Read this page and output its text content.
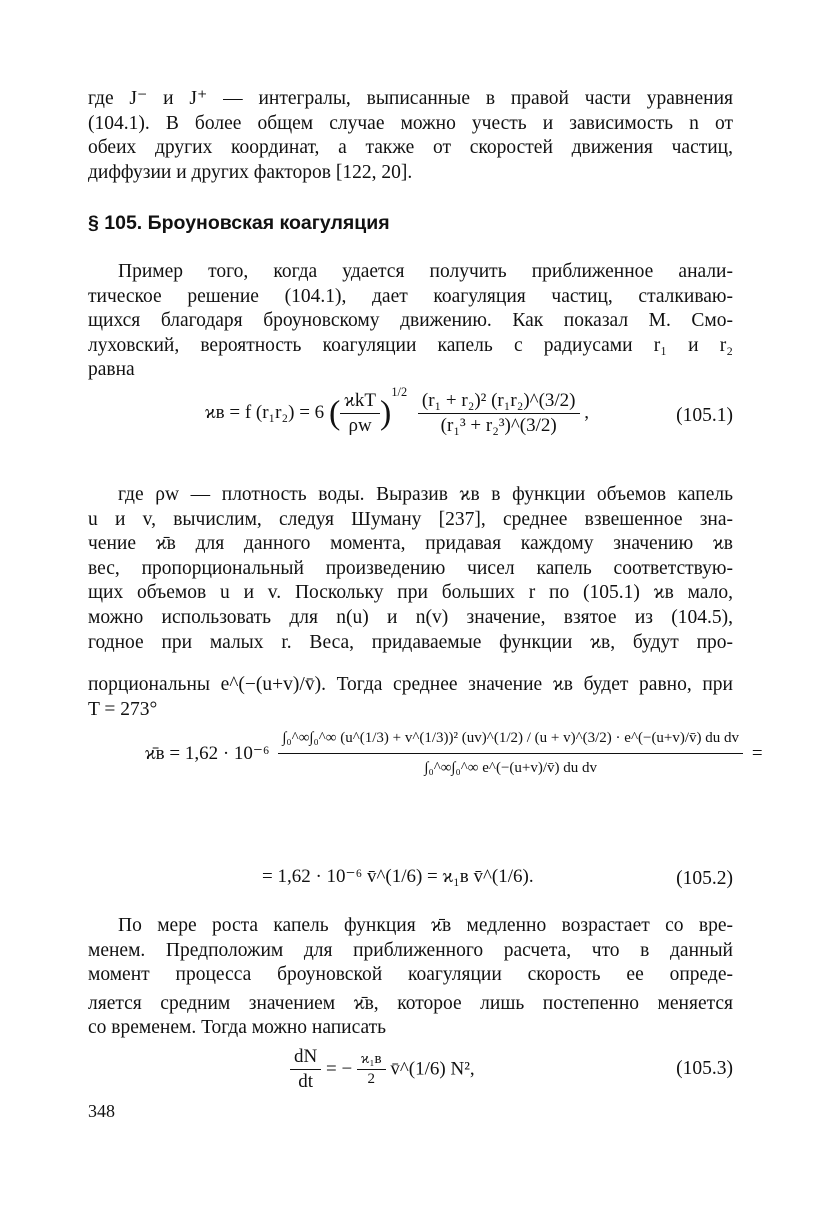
где J⁻ и J⁺ — интегралы, выписанные в правой части уравнения
(104.1). В более общем случае можно учесть и зависимость n от
обеих других координат, а также от скоростей движения частиц,
диффузии и других факторов [122, 20].
§ 105. Броуновская коагуляция
Пример того, когда удается получить приближенное анали-
тическое решение (104.1), дает коагуляция частиц, сталкиваю-
щихся благодаря броуновскому движению. Как показал М. Смо-
луховский, вероятность коагуляции капель с радиусами r₁ и r₂
равна
ϰв = f (r₁r₂) = 6 ( $\frac{\text{ϰkT}}{\rho w} )^{1/2} \frac{\text{(r₁ + r₂)² (r₁r₂)\textasciicircum{}(3/2)}}{\text{(r₁³ + r₂³)\textasciicircum{}(3/2)}}$ ,	(105.1)
где ρw — плотность воды. Выразив ϰв в функции объемов капель
u и v, вычислим, следуя Шуману [237], среднее взвешенное зна-
чение ϰ̄в для данного момента, придавая каждому значению ϰв
вес, пропорциональный произведению чисел капель соответствую-
щих объемов u и v. Поскольку при больших r по (105.1) ϰв мало,
можно использовать для n(u) и n(v) значение, взятое из (104.5),
годное при малых r. Веса, придаваемые функции ϰв, будут про-
порциональны e^(−(u+v)/v̄). Тогда среднее значение ϰв будет равно, при
T = 273°
ϰ̄в = 1,62 · 10⁻⁶
∫₀^∞∫₀^∞ (u^(1/3) + v^(1/3))² (uv)^(1/2) / (u + v)^(3/2) · e^(−(u+v)/v̄) du dv
∫₀^∞∫₀^∞ e^(−(u+v)/v̄) du dv
=
= 1,62 · 10⁻⁶ v̄^(1/6) = ϰ₁в v̄^(1/6).	(105.2)
По мере роста капель функция ϰ̄в медленно возрастает со вре-
менем. Предположим для приближенного расчета, что в данный
момент процесса броуновской коагуляции скорость ее опреде-
ляется средним значением ϰ̄в, которое лишь постепенно меняется
со временем. Тогда можно написать
$\frac{dN}{dt}$ = − $\frac{\text{ϰ₁в}}{2}$ v̄^(1/6) N²,	(105.3)
348
